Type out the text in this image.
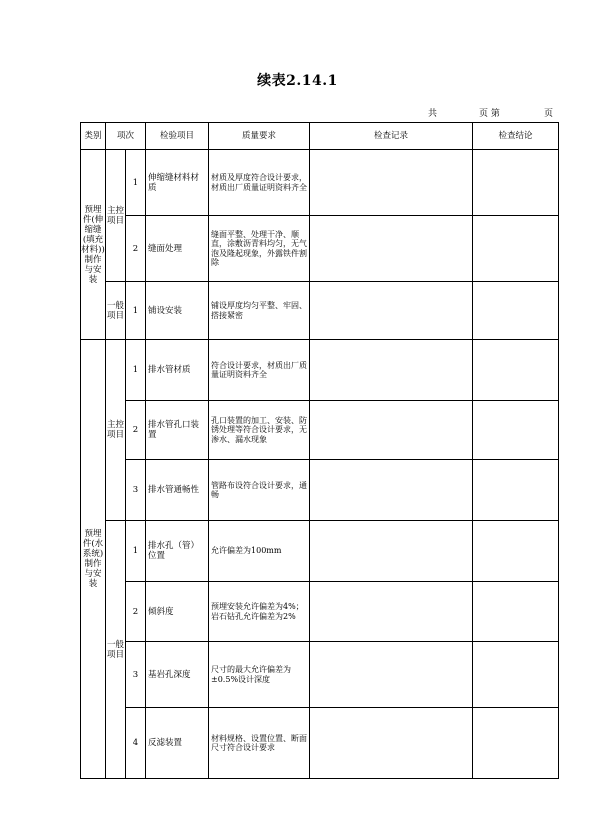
续表2.14.1
共	页 第	页
类别	项次		检验项目	质量要求	检查记录	检查结论
预埋件(伸缩缝(填充材料))制作与安装	主控项目	1	伸缩缝材料材质	材质及厚度符合设计要求，材质出厂质量证明资料齐全		
		2	缝面处理	缝面平整、处理干净、顺直，涂敷沥青料均匀，无气泡及隆起现象，外露铁件割除		
	一般项目	1	铺设安装	铺设厚度均匀平整、牢固、搭接紧密		
预埋件(水系统)制作与安装	主控项目	1	排水管材质	符合设计要求，材质出厂质量证明资料齐全		
		2	排水管孔口装置	孔口装置的加工、安装、防锈处理等符合设计要求，无渗水、漏水现象		
		3	排水管通畅性	管路布设符合设计要求，通畅		
	一般项目	1	排水孔（管）位置	允许偏差为100mm		
		2	倾斜度	预埋安装允许偏差为4%；岩石钻孔允许偏差为2%		
		3	基岩孔深度	尺寸的最大允许偏差为±0.5%设计深度		
		4	反滤装置	材料规格、设置位置、断面尺寸符合设计要求		
